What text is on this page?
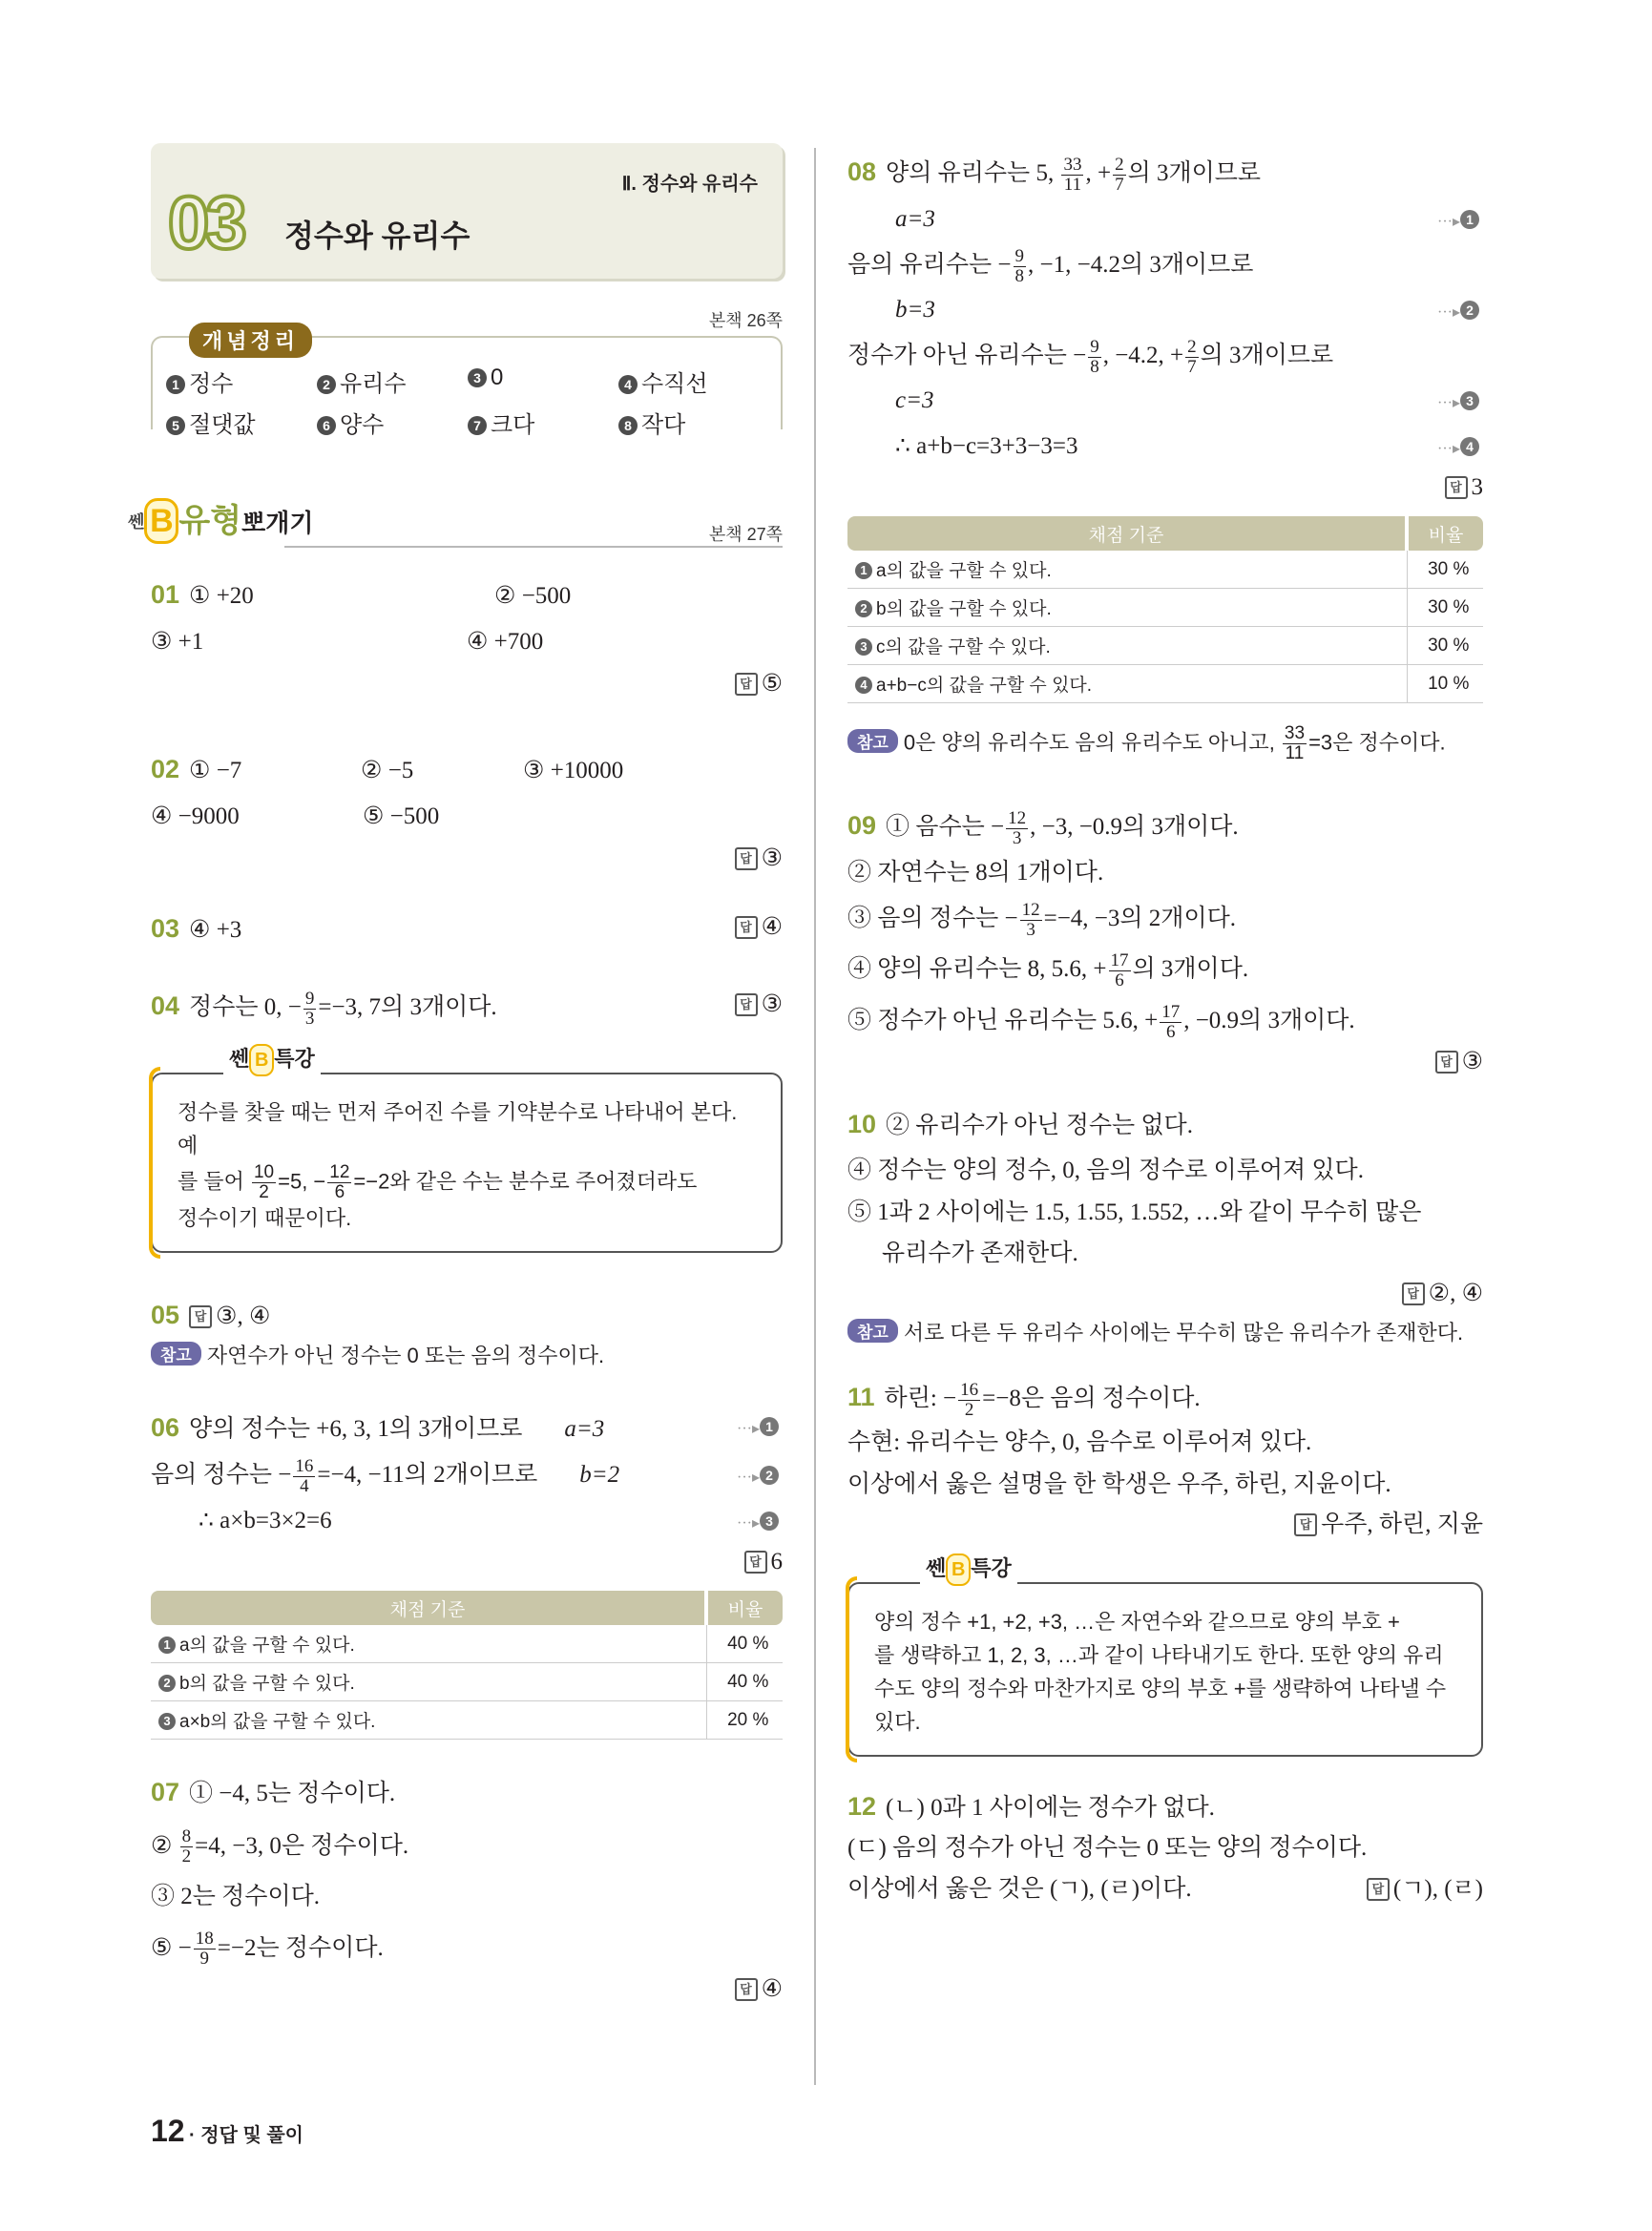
Ⅱ. 정수와 유리수
03 정수와 유리수
본책 26쪽
개념정리
1 정수	2 유리수	3 0	4 수직선
5 절댓값	6 양수	7 크다	8 작다
쎈 B 유형뽀개기	본책 27쪽
01 ① +20	② −500
③ +1	④ +700
답 ⑤
02 ① −7	② −5	③ +10000
④ −9000	⑤ −500
답 ③
03 ④ +3	답 ④
04 정수는 0, − $\frac{9}{3} =-3$, 7의 3개이다.	답 ③
쎈 B 특강
정수를 찾을 때는 먼저 주어진 수를 기약분수로 나타내어 본다. 예
를 들어 $\frac{10}{2} =5$, − $\frac{12}{6} =-2$와 같은 수는 분수로 주어졌더라도
정수이기 때문이다.
05 답 ③, ④
참고 자연수가 아닌 정수는 0 또는 음의 정수이다.
06 양의 정수는 +6, 3, 1의 3개이므로 a=3	···▸ 1
음의 정수는 − $\frac{16}{4} =-4$, −11의 2개이므로 b=2	···▸ 2
∴ a×b=3×2=6	···▸ 3
답 6
채점 기준	비율
1 a의 값을 구할 수 있다.	40 %
2 b의 값을 구할 수 있다.	40 %
3 a×b의 값을 구할 수 있다.	20 %
07 ① −4, 5는 정수이다.
② $\frac{8}{2} =4$, −3, 0은 정수이다.
③ 2는 정수이다.
⑤ − $\frac{18}{9} =-2$는 정수이다.
답 ④
08 양의 유리수는 5, $\frac{33}{11}$ , + $\frac{2}{7}$ 의 3개이므로
a=3	···▸ 1
음의 유리수는 − $\frac{9}{8}$ , −1, −4.2의 3개이므로
b=3	···▸ 2
정수가 아닌 유리수는 − $\frac{9}{8}$ , −4.2, + $\frac{2}{7}$ 의 3개이므로
c=3	···▸ 3
∴ a+b−c=3+3−3=3	···▸ 4
답 3
채점 기준	비율
1 a의 값을 구할 수 있다.	30 %
2 b의 값을 구할 수 있다.	30 %
3 c의 값을 구할 수 있다.	30 %
4 a+b−c의 값을 구할 수 있다.	10 %
참고 0은 양의 유리수도 음의 유리수도 아니고, $\frac{33}{11} =3$은 정수이다.
09 ① 음수는 − $\frac{12}{3}$ , −3, −0.9의 3개이다.
② 자연수는 8의 1개이다.
③ 음의 정수는 − $\frac{12}{3} =-4$, −3의 2개이다.
④ 양의 유리수는 8, 5.6, + $\frac{17}{6}$ 의 3개이다.
⑤ 정수가 아닌 유리수는 5.6, + $\frac{17}{6}$ , −0.9의 3개이다.
답 ③
10 ② 유리수가 아닌 정수는 없다.
④ 정수는 양의 정수, 0, 음의 정수로 이루어져 있다.
⑤ 1과 2 사이에는 1.5, 1.55, 1.552, …와 같이 무수히 많은
유리수가 존재한다.
답 ②, ④
참고 서로 다른 두 유리수 사이에는 무수히 많은 유리수가 존재한다.
11 하린: − $\frac{16}{2} =-8$은 음의 정수이다.
수현: 유리수는 양수, 0, 음수로 이루어져 있다.
이상에서 옳은 설명을 한 학생은 우주, 하린, 지윤이다.
답 우주, 하린, 지윤
쎈 B 특강
양의 정수 +1, +2, +3, …은 자연수와 같으므로 양의 부호 +
를 생략하고 1, 2, 3, …과 같이 나타내기도 한다. 또한 양의 유리
수도 양의 정수와 마찬가지로 양의 부호 +를 생략하여 나타낼 수
있다.
12 (ㄴ) 0과 1 사이에는 정수가 없다.
(ㄷ) 음의 정수가 아닌 정수는 0 또는 양의 정수이다.
이상에서 옳은 것은 (ㄱ), (ㄹ)이다.	답 (ㄱ), (ㄹ)
12 · 정답 및 풀이
